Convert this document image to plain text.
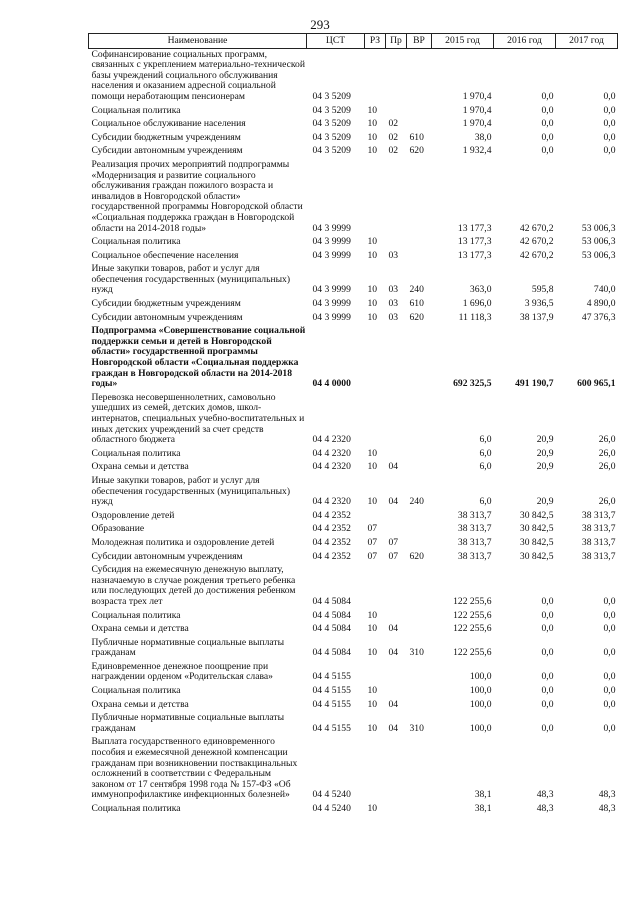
293
Наименование	ЦСТ	РЗ	Пр	ВР	2015 год	2016 год	2017 год
Софинансирование социальных программ, связанных с укреплением материально-технической базы учреждений социального обслуживания населения и оказанием адресной социальной помощи неработающим пенсионерам	04 3 5209				1 970,4	0,0	0,0
Социальная политика	04 3 5209	10			1 970,4	0,0	0,0
Социальное обслуживание населения	04 3 5209	10	02		1 970,4	0,0	0,0
Субсидии бюджетным учреждениям	04 3 5209	10	02	610	38,0	0,0	0,0
Субсидии автономным учреждениям	04 3 5209	10	02	620	1 932,4	0,0	0,0
Реализация прочих мероприятий подпрограммы «Модернизация и развитие социального обслуживания граждан пожилого возраста и инвалидов в Новгородской области» государственной программы Новгородской области «Социальная поддержка граждан в Новгородской области на 2014-2018 годы»	04 3 9999				13 177,3	42 670,2	53 006,3
Социальная политика	04 3 9999	10			13 177,3	42 670,2	53 006,3
Социальное обеспечение населения	04 3 9999	10	03		13 177,3	42 670,2	53 006,3
Иные закупки товаров, работ и услуг для обеспечения государственных (муниципальных) нужд	04 3 9999	10	03	240	363,0	595,8	740,0
Субсидии бюджетным учреждениям	04 3 9999	10	03	610	1 696,0	3 936,5	4 890,0
Субсидии автономным учреждениям	04 3 9999	10	03	620	11 118,3	38 137,9	47 376,3
Подпрограмма «Совершенствование социальной поддержки семьи и детей в Новгородской области» государственной программы Новгородской области «Социальная поддержка граждан в Новгородской области на 2014-2018 годы»	04 4 0000				692 325,5	491 190,7	600 965,1
Перевозка несовершеннолетних, самовольно ушедших из семей, детских домов, школ-интернатов, специальных учебно-воспитательных и иных детских учреждений за счет средств областного бюджета	04 4 2320				6,0	20,9	26,0
Социальная политика	04 4 2320	10			6,0	20,9	26,0
Охрана семьи и детства	04 4 2320	10	04		6,0	20,9	26,0
Иные закупки товаров, работ и услуг для обеспечения государственных (муниципальных) нужд	04 4 2320	10	04	240	6,0	20,9	26,0
Оздоровление детей	04 4 2352				38 313,7	30 842,5	38 313,7
Образование	04 4 2352	07			38 313,7	30 842,5	38 313,7
Молодежная политика и оздоровление детей	04 4 2352	07	07		38 313,7	30 842,5	38 313,7
Субсидии автономным учреждениям	04 4 2352	07	07	620	38 313,7	30 842,5	38 313,7
Субсидия на ежемесячную денежную выплату, назначаемую в случае рождения третьего ребенка или последующих детей до достижения ребенком возраста трех лет	04 4 5084				122 255,6	0,0	0,0
Социальная политика	04 4 5084	10			122 255,6	0,0	0,0
Охрана семьи и детства	04 4 5084	10	04		122 255,6	0,0	0,0
Публичные нормативные социальные выплаты гражданам	04 4 5084	10	04	310	122 255,6	0,0	0,0
Единовременное денежное поощрение при награждении орденом «Родительская слава»	04 4 5155				100,0	0,0	0,0
Социальная политика	04 4 5155	10			100,0	0,0	0,0
Охрана семьи и детства	04 4 5155	10	04		100,0	0,0	0,0
Публичные нормативные социальные выплаты гражданам	04 4 5155	10	04	310	100,0	0,0	0,0
Выплата государственного единовременного пособия и ежемесячной денежной компенсации гражданам при возникновении поствакцинальных осложнений в соответствии с Федеральным законом от 17 сентября 1998 года № 157-ФЗ «Об иммунопрофилактике инфекционных болезней»	04 4 5240				38,1	48,3	48,3
Социальная политика	04 4 5240	10			38,1	48,3	48,3
